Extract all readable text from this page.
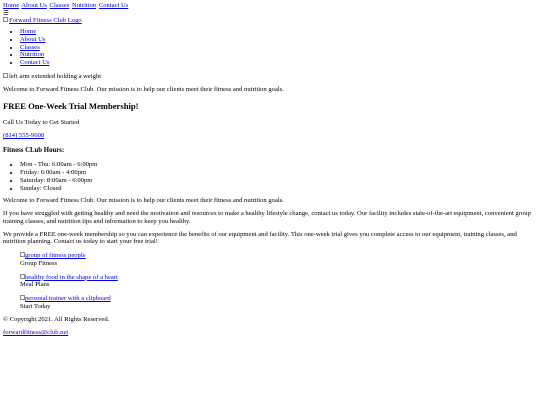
Home About Us Classes Nutrition Contact Us
☰
Forward Fitness Club Logo
• Home
• About Us
• Classes
• Nutrition
• Contact Us
left arm extended holding a weight

Welcome to Forward Fitness Club. Our mission is to help our clients meet their fitness and nutrition goals.

FREE One-Week Trial Membership!

Call Us Today to Get Started

(814) 555-9608
Fitness CLub Hours:
• Mon - Thu: 6:00am - 6:00pm
• Friday: 6:00am - 4:00pm
• Saturday: 8:00am - 6:00pm
• Sunday: Closed

Welcome to Forward Fitness Club. Our mission is to help our clients meet their fitness and nutrition goals.

If you have struggled with getting healthy and need the motivation and resources to make a healthy lifestyle change, contact us today. Our facility includes state-of-the-art equipment, convenient group training classes, and nutrition tips and information to keep you healthy.

We provide a FREE one-week membership so you can experience the benefits of our equipment and facility. This one-week trial gives you complete access to our equipment, training classes, and nutrition planning. Contact us today to start your free trial!

group of fitness people
Group Fitness
healthy food in the shape of a heart
Meal Plans
personal trainer with a clipboard
Start Today

© Copyright 2021. All Rights Reserved.

forwardfitness@club.net
